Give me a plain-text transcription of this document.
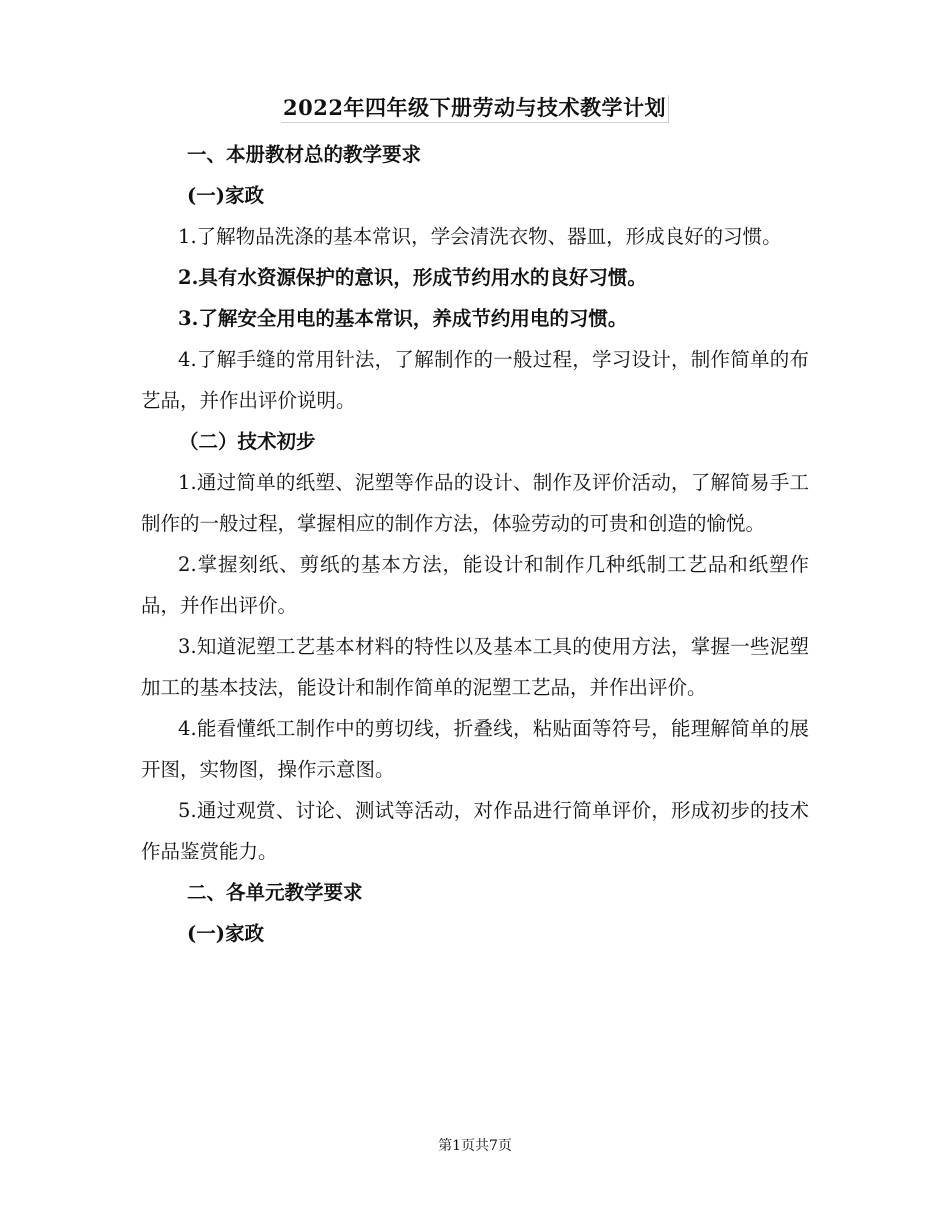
2022年四年级下册劳动与技术教学计划

一、本册教材总的教学要求

(一)家政

1.了解物品洗涤的基本常识，学会清洗衣物、器皿，形成良好的习惯。

2.具有水资源保护的意识，形成节约用水的良好习惯。

3.了解安全用电的基本常识，养成节约用电的习惯。

4.了解手缝的常用针法，了解制作的一般过程，学习设计，制作简单的布艺品，并作出评价说明。

（二）技术初步

1.通过简单的纸塑、泥塑等作品的设计、制作及评价活动，了解简易手工制作的一般过程，掌握相应的制作方法，体验劳动的可贵和创造的愉悦。

2.掌握刻纸、剪纸的基本方法，能设计和制作几种纸制工艺品和纸塑作品，并作出评价。

3.知道泥塑工艺基本材料的特性以及基本工具的使用方法，掌握一些泥塑加工的基本技法，能设计和制作简单的泥塑工艺品，并作出评价。

4.能看懂纸工制作中的剪切线，折叠线，粘贴面等符号，能理解简单的展开图，实物图，操作示意图。

5.通过观赏、讨论、测试等活动，对作品进行简单评价，形成初步的技术作品鉴赏能力。

二、各单元教学要求

(一)家政

第1页共7页
